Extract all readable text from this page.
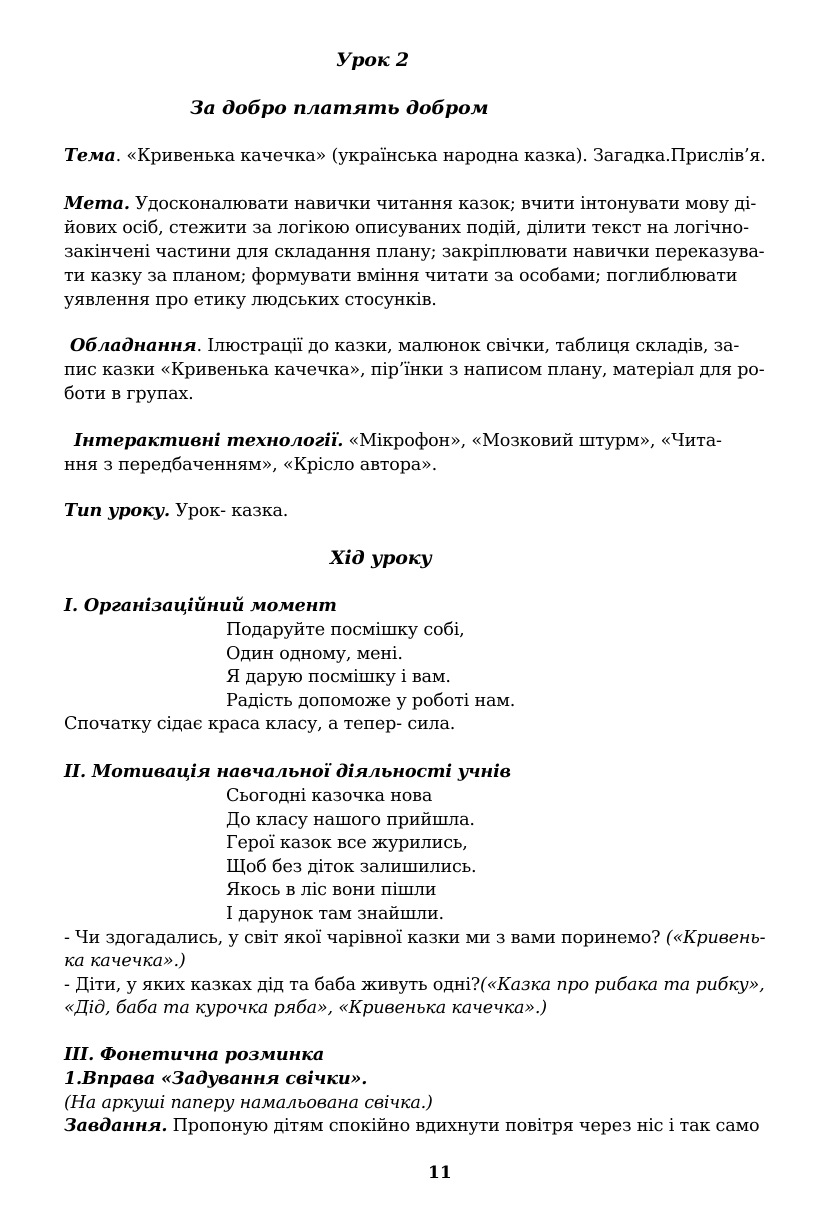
Урок 2
За добро платять добром
Тема. «Кривенька качечка» (українська народна казка). Загадка.Прислів’я.
Мета. Удосконалювати навички читання казок; вчити інтонувати мову ді-
йових осіб, стежити за логікою описуваних подій, ділити текст на логічно-
закінчені частини для складання плану; закріплювати навички переказува-
ти казку за планом; формувати вміння читати за особами; поглиблювати
уявлення про етику людських стосунків.
Обладнання. Ілюстрації до казки, малюнок свічки, таблиця складів, за-
пис казки «Кривенька качечка», пір’їнки з написом плану, матеріал для ро-
боти в групах.
Інтерактивні технології. «Мікрофон», «Мозковий штурм», «Чита-
ння з передбаченням», «Крісло автора».
Тип уроку. Урок- казка.
Хід уроку
I. Організаційний момент
Подаруйте посмішку собі,
Один одному, мені.
Я дарую посмішку і вам.
Радість допоможе у роботі нам.
Спочатку сідає краса класу, а тепер- сила.
II. Мотивація навчальної діяльності учнів
Сьогодні казочка нова
До класу нашого прийшла.
Герої казок все журились,
Щоб без діток залишились.
Якось в ліс вони пішли
І дарунок там знайшли.
- Чи здогадались, у світ якої чарівної казки ми з вами поринемо? («Кривень-
ка качечка».)
- Діти, у яких казках дід та баба живуть одні?(«Казка про рибака та рибку»,
«Дід, баба та курочка ряба», «Кривенька качечка».)
III. Фонетична розминка
1.Вправа «Задування свічки».
(На аркуші паперу намальована свічка.)
Завдання. Пропоную дітям спокійно вдихнути повітря через ніс і так само
11
